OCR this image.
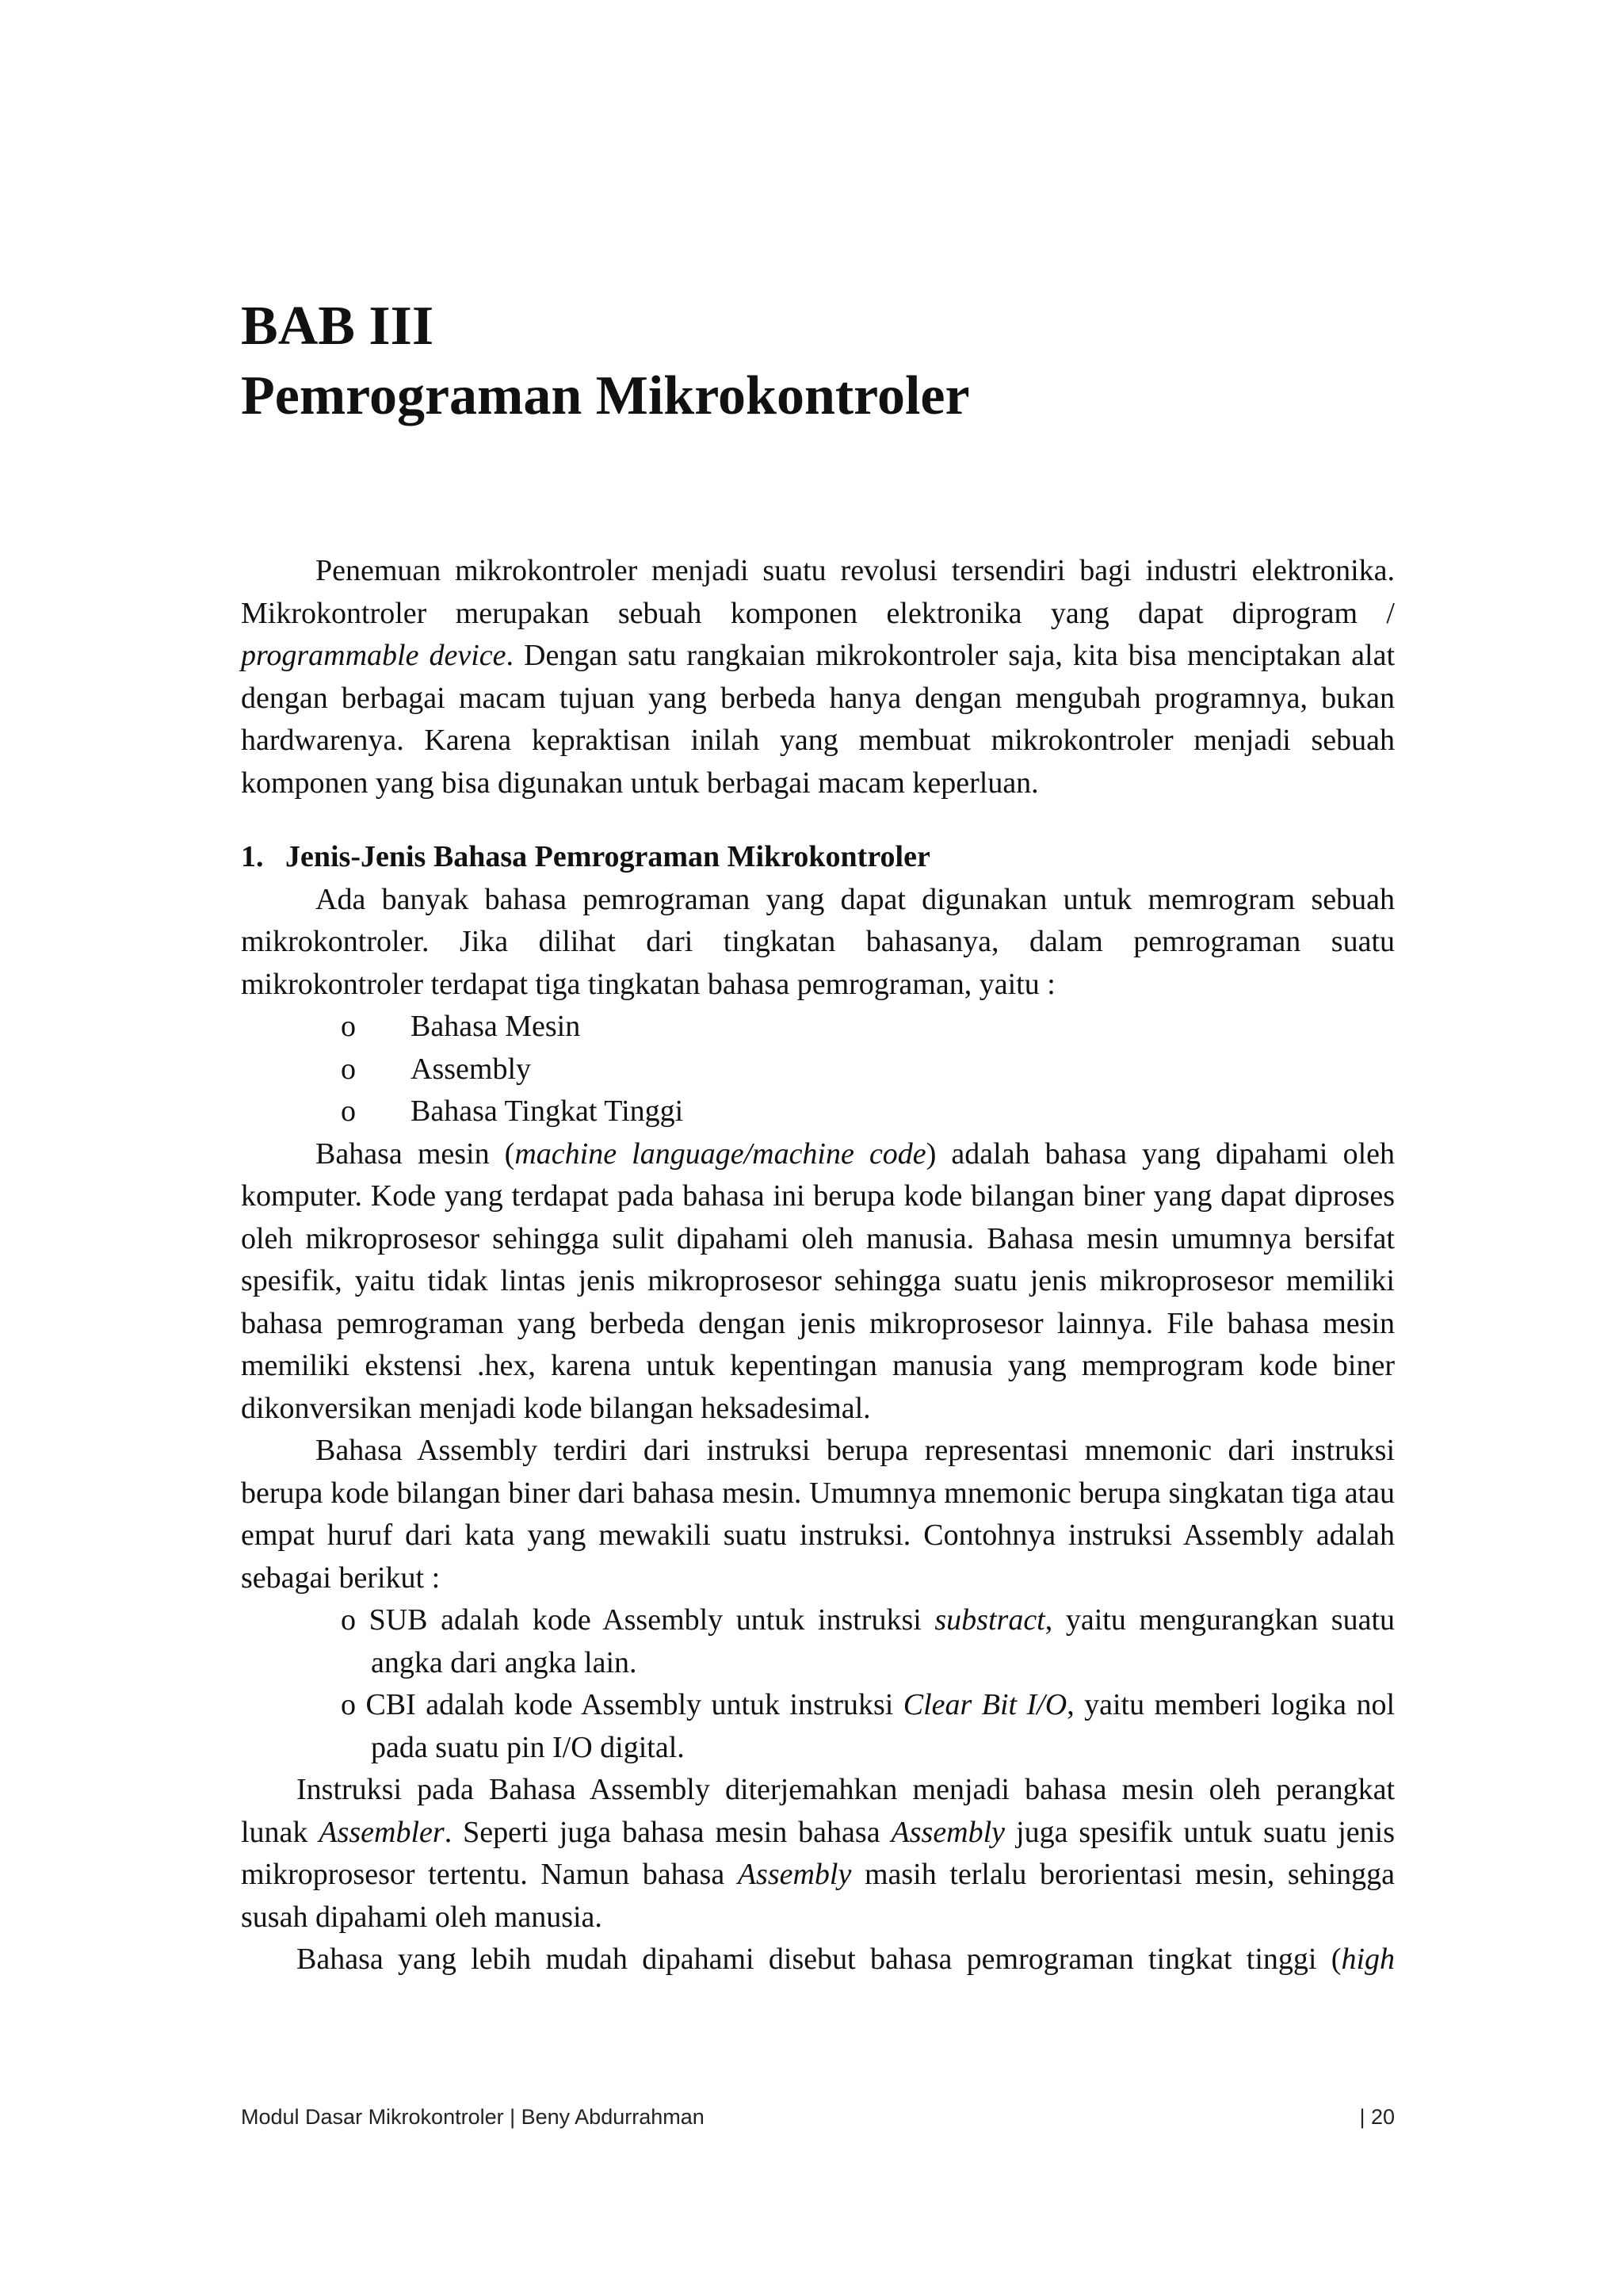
BAB III
Pemrograman Mikrokontroler

Penemuan mikrokontroler menjadi suatu revolusi tersendiri bagi industri elektronika. Mikrokontroler merupakan sebuah komponen elektronika yang dapat diprogram / programmable device. Dengan satu rangkaian mikrokontroler saja, kita bisa menciptakan alat dengan berbagai macam tujuan yang berbeda hanya dengan mengubah programnya, bukan hardwarenya. Karena kepraktisan inilah yang membuat mikrokontroler menjadi sebuah komponen yang bisa digunakan untuk berbagai macam keperluan.

1. Jenis-Jenis Bahasa Pemrograman Mikrokontroler

Ada banyak bahasa pemrograman yang dapat digunakan untuk memrogram sebuah mikrokontroler. Jika dilihat dari tingkatan bahasanya, dalam pemrograman suatu mikrokontroler terdapat tiga tingkatan bahasa pemrograman, yaitu :

o	Bahasa Mesin
o	Assembly
o	Bahasa Tingkat Tinggi

Bahasa mesin (machine language/machine code) adalah bahasa yang dipahami oleh komputer. Kode yang terdapat pada bahasa ini berupa kode bilangan biner yang dapat diproses oleh mikroprosesor sehingga sulit dipahami oleh manusia. Bahasa mesin umumnya bersifat spesifik, yaitu tidak lintas jenis mikroprosesor sehingga suatu jenis mikroprosesor memiliki bahasa pemrograman yang berbeda dengan jenis mikroprosesor lainnya. File bahasa mesin memiliki ekstensi .hex, karena untuk kepentingan manusia yang memprogram kode biner dikonversikan menjadi kode bilangan heksadesimal.

Bahasa Assembly terdiri dari instruksi berupa representasi mnemonic dari instruksi berupa kode bilangan biner dari bahasa mesin. Umumnya mnemonic berupa singkatan tiga atau empat huruf dari kata yang mewakili suatu instruksi. Contohnya instruksi Assembly adalah sebagai berikut :

o SUB adalah kode Assembly untuk instruksi substract, yaitu mengurangkan suatu angka dari angka lain.
o CBI adalah kode Assembly untuk instruksi Clear Bit I/O, yaitu memberi logika nol pada suatu pin I/O digital.

Instruksi pada Bahasa Assembly diterjemahkan menjadi bahasa mesin oleh perangkat lunak Assembler. Seperti juga bahasa mesin bahasa Assembly juga spesifik untuk suatu jenis mikroprosesor tertentu. Namun bahasa Assembly masih terlalu berorientasi mesin, sehingga susah dipahami oleh manusia.

Bahasa yang lebih mudah dipahami disebut bahasa pemrograman tingkat tinggi (high

Modul Dasar Mikrokontroler | Beny Abdurrahman	| 20
